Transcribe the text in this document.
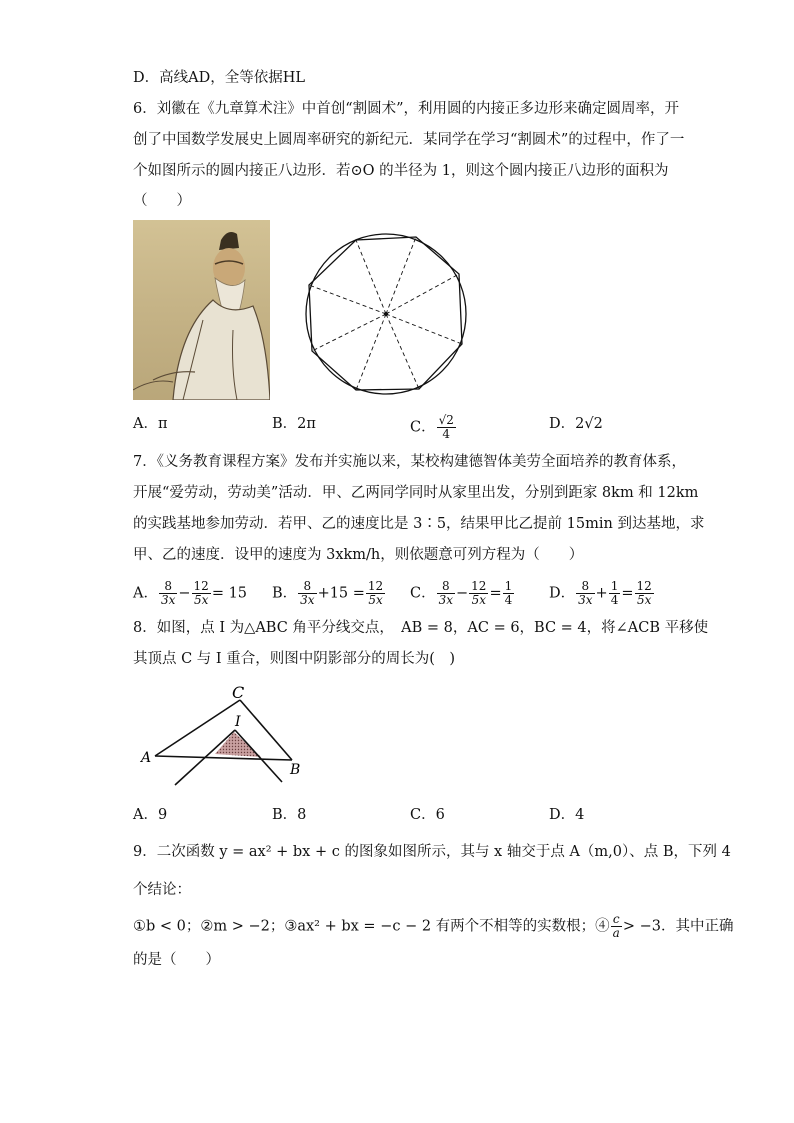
D．高线AD，全等依据HL
6．刘徽在《九章算术注》中首创“割圆术”，利用圆的内接正多边形来确定圆周率，开
创了中国数学发展史上圆周率研究的新纪元．某同学在学习“割圆术”的过程中，作了一
个如图所示的圆内接正八边形．若⊙O 的半径为 1，则这个圆内接正八边形的面积为
（　　）
A．π	B．2π	C． $\frac{√2}{4}$	D．2√2
7．《义务教育课程方案》发布并实施以来，某校构建德智体美劳全面培养的教育体系，
开展“爱劳动，劳动美”活动．甲、乙两同学同时从家里出发，分别到距家 8km 和 12km
的实践基地参加劳动．若甲、乙的速度比是 3∶5，结果甲比乙提前 15min 到达基地，求
甲、乙的速度．设甲的速度为 3xkm/h，则依题意可列方程为（　　）
A． $\frac{8}{3x} - \frac{12}{5x} = 15$ B． $\frac{8}{3x} +15 = \frac{12}{5x}$ C． $\frac{8}{3x} - \frac{12}{5x} = \frac{1}{4}$ D． $\frac{8}{3x} + \frac{1}{4} = \frac{12}{5x}$
8．如图，点 I 为△ABC 角平分线交点，　AB = 8，AC = 6，BC = 4，将∠ACB 平移使
其顶点 C 与 I 重合，则图中阴影部分的周长为(　)
C
I
A
B
A．9	B．8	C．6	D．4
9．二次函数 y = ax² + bx + c 的图象如图所示，其与 x 轴交于点 A（m,0）、点 B，下列 4
个结论：
①b < 0；②m > −2；③ax² + bx = −c − 2 有两个不相等的实数根；④ $\frac{c}{a} > -3$．其中正确
的是（　　）
